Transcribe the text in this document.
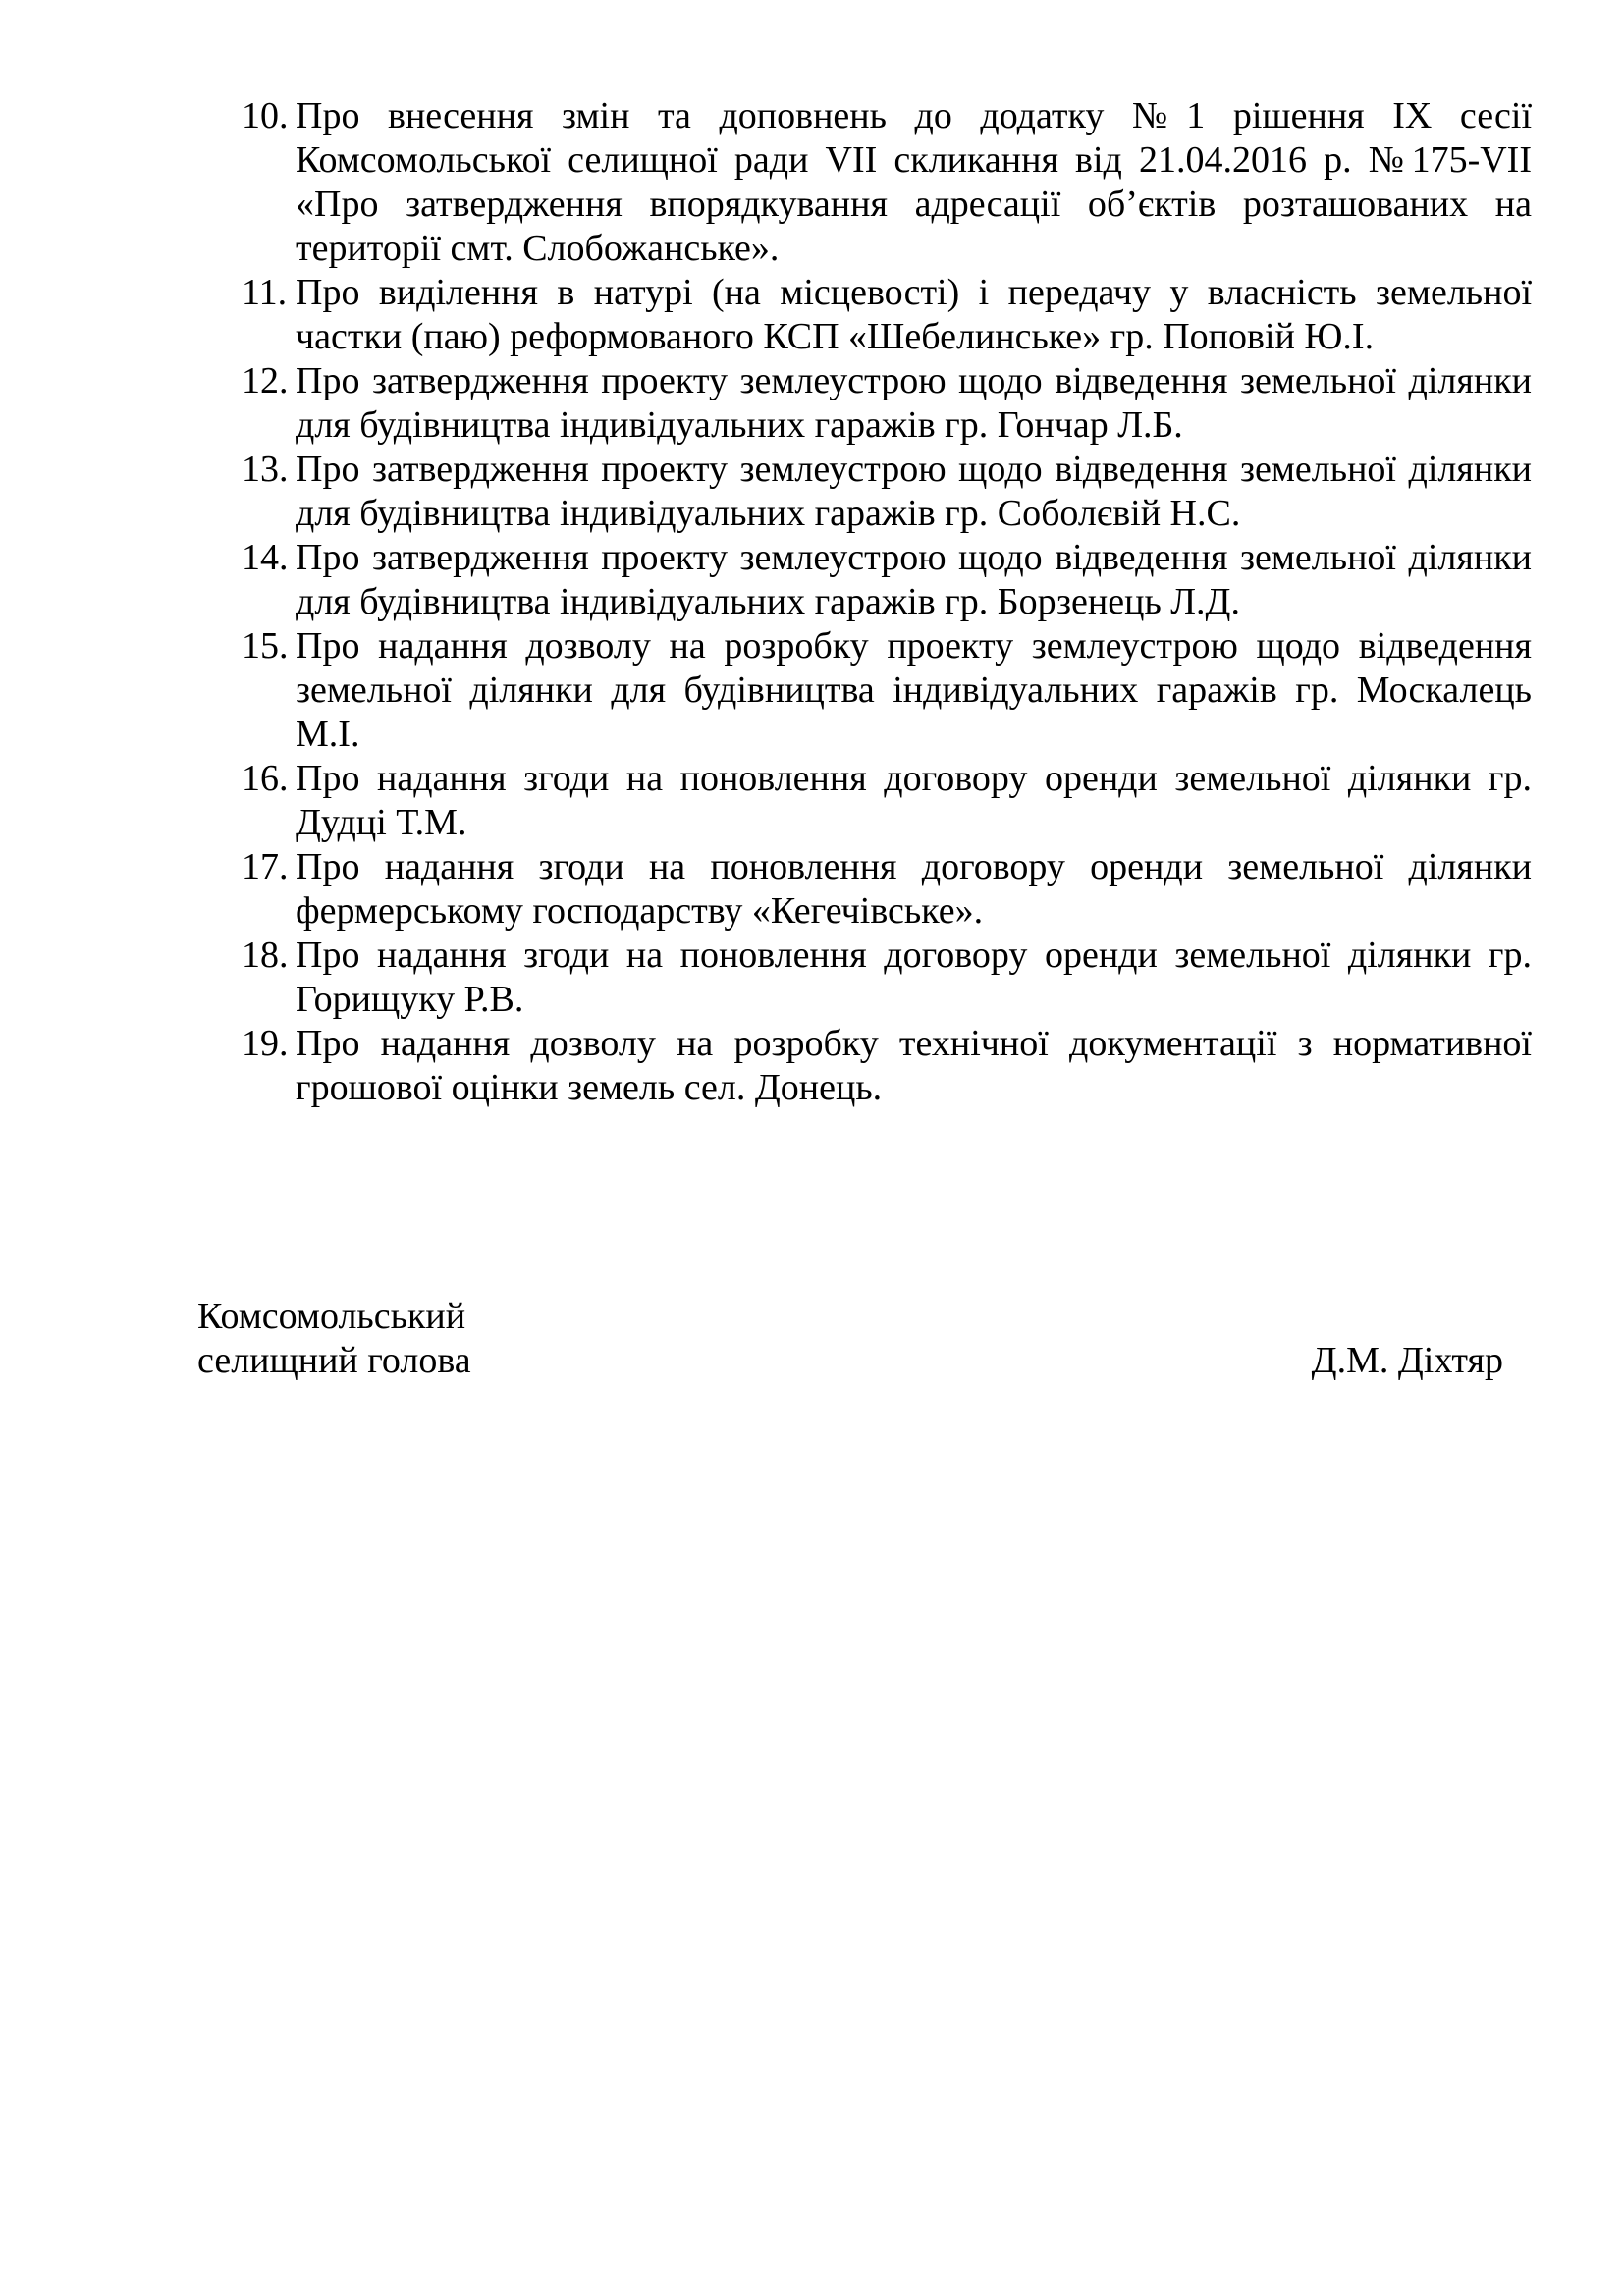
10. Про внесення змін та доповнень до додатку №1 рішення IX сесії Комсомольської селищної ради VII скликання від 21.04.2016 р. №175-VII «Про затвердження впорядкування адресації об’єктів розташованих на території смт. Слобожанське».
11. Про виділення в натурі (на місцевості) і передачу у власність земельної частки (паю) реформованого КСП «Шебелинське» гр. Поповій Ю.І.
12. Про затвердження проекту землеустрою щодо відведення земельної ділянки для будівництва індивідуальних гаражів гр. Гончар Л.Б.
13. Про затвердження проекту землеустрою щодо відведення земельної ділянки для будівництва індивідуальних гаражів гр. Соболєвій Н.С.
14. Про затвердження проекту землеустрою щодо відведення земельної ділянки для будівництва індивідуальних гаражів гр. Борзенець Л.Д.
15. Про надання дозволу на розробку проекту землеустрою щодо відведення земельної ділянки для будівництва індивідуальних гаражів гр. Москалець М.І.
16. Про надання згоди на поновлення договору оренди земельної ділянки гр. Дудці Т.М.
17. Про надання згоди на поновлення договору оренди земельної ділянки фермерському господарству «Кегечівське».
18. Про надання згоди на поновлення договору оренди земельної ділянки гр. Горищуку Р.В.
19. Про надання дозволу на розробку технічної документації з нормативної грошової оцінки земель сел. Донець.
Комсомольський
селищний голова	Д.М. Діхтяр
